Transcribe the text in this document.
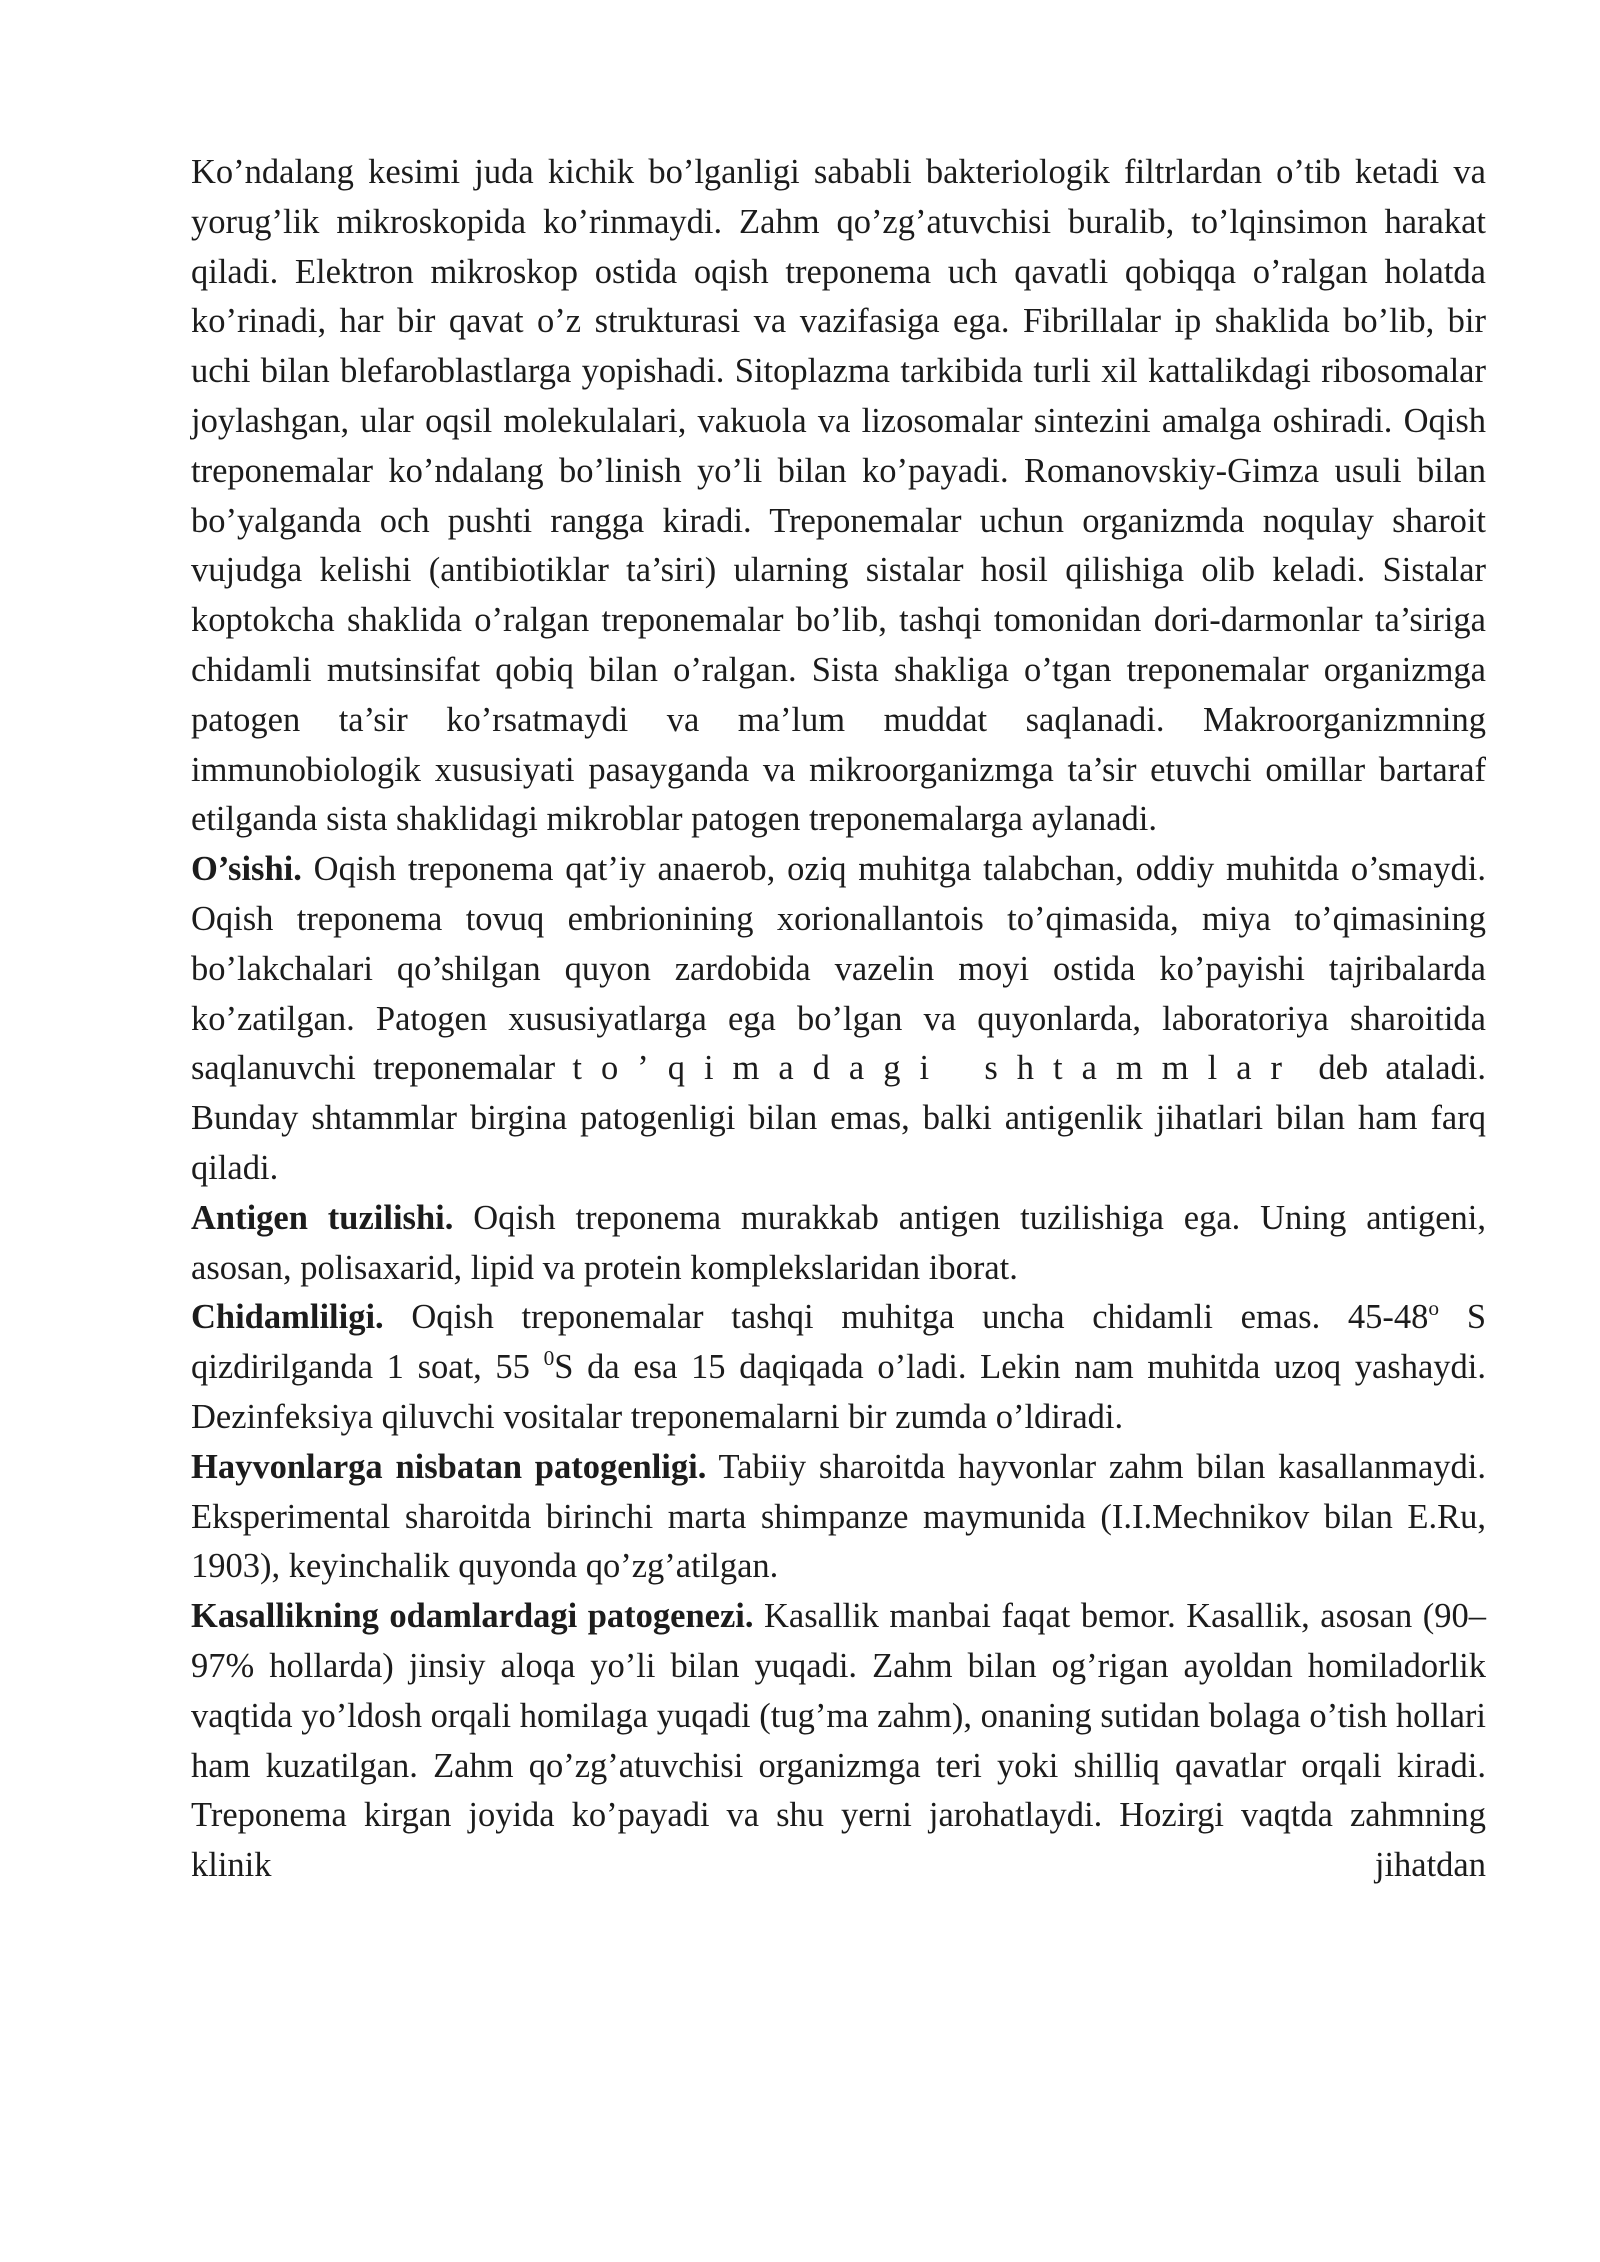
Ko’ndalang kesimi juda kichik bo’lganligi sababli bakteriologik filtrlardan o’tib ketadi va yorug’lik mikroskopida ko’rinmaydi. Zahm qo’zg’atuvchisi buralib, to’lqinsimon harakat qiladi. Elektron mikroskop ostida oqish treponema uch qavatli qobiqqa o’ralgan holatda ko’rinadi, har bir qavat o’z strukturasi va vazifasiga ega. Fibrillalar ip shaklida bo’lib, bir uchi bilan blefaroblastlarga yopishadi. Sitoplazma tarkibida turli xil kattalikdagi ribosomalar joylashgan, ular oqsil molekulalari, vakuola va lizosomalar sintezini amalga oshiradi. Oqish treponemalar ko’ndalang bo’linish yo’li bilan ko’payadi. Romanovskiy-Gimza usuli bilan bo’yalganda och pushti rangga kiradi. Treponemalar uchun organizmda noqulay sharoit vujudga kelishi (antibiotiklar ta’siri) ularning sistalar hosil qilishiga olib keladi. Sistalar koptokcha shaklida o’ralgan treponemalar bo’lib, tashqi tomonidan dori-darmonlar ta’siriga chidamli mutsinsifat qobiq bilan o’ralgan. Sista shakliga o’tgan treponemalar organizmga patogen ta’sir ko’rsatmaydi va ma’lum muddat saqlanadi. Makroorganizmning immunobiologik xususiyati pasayganda va mikroorganizmga ta’sir etuvchi omillar bartaraf etilganda sista shaklidagi mikroblar patogen treponemalarga aylanadi.

O’sishi. Oqish treponema qat’iy anaerob, oziq muhitga talabchan, oddiy muhitda o’smaydi. Oqish treponema tovuq embrionining xorionallantois to’qimasida, miya to’qimasining bo’lakchalari qo’shilgan quyon zardobida vazelin moyi ostida ko’payishi tajribalarda ko’zatilgan. Patogen xususiyatlarga ega bo’lgan va quyonlarda, laboratoriya sharoitida saqlanuvchi treponemalar to’qimadagi shtammlar deb ataladi. Bunday shtammlar birgina patogenligi bilan emas, balki antigenlik jihatlari bilan ham farq qiladi.

Antigen tuzilishi. Oqish treponema murakkab antigen tuzilishiga ega. Uning antigeni, asosan, polisaxarid, lipid va protein komplekslaridan iborat.

Chidamliligi. Oqish treponemalar tashqi muhitga uncha chidamli emas. 45-48$^o$ S qizdirilganda 1 soat, 55 $^0$S da esa 15 daqiqada o’ladi. Lekin nam muhitda uzoq yashaydi. Dezinfeksiya qiluvchi vositalar treponemalarni bir zumda o’ldiradi.

Hayvonlarga nisbatan patogenligi. Tabiiy sharoitda hayvonlar zahm bilan kasallanmaydi. Eksperimental sharoitda birinchi marta shimpanze maymunida (I.I.Mechnikov bilan E.Ru, 1903), keyinchalik quyonda qo’zg’atilgan.

Kasallikning odamlardagi patogenezi. Kasallik manbai faqat bemor. Kasallik, asosan (90–97% hollarda) jinsiy aloqa yo’li bilan yuqadi. Zahm bilan og’rigan ayoldan homiladorlik vaqtida yo’ldosh orqali homilaga yuqadi (tug’ma zahm), onaning sutidan bolaga o’tish hollari ham kuzatilgan. Zahm qo’zg’atuvchisi organizmga teri yoki shilliq qavatlar orqali kiradi. Treponema kirgan joyida ko’payadi va shu yerni jarohatlaydi. Hozirgi vaqtda zahmning klinik jihatdan
